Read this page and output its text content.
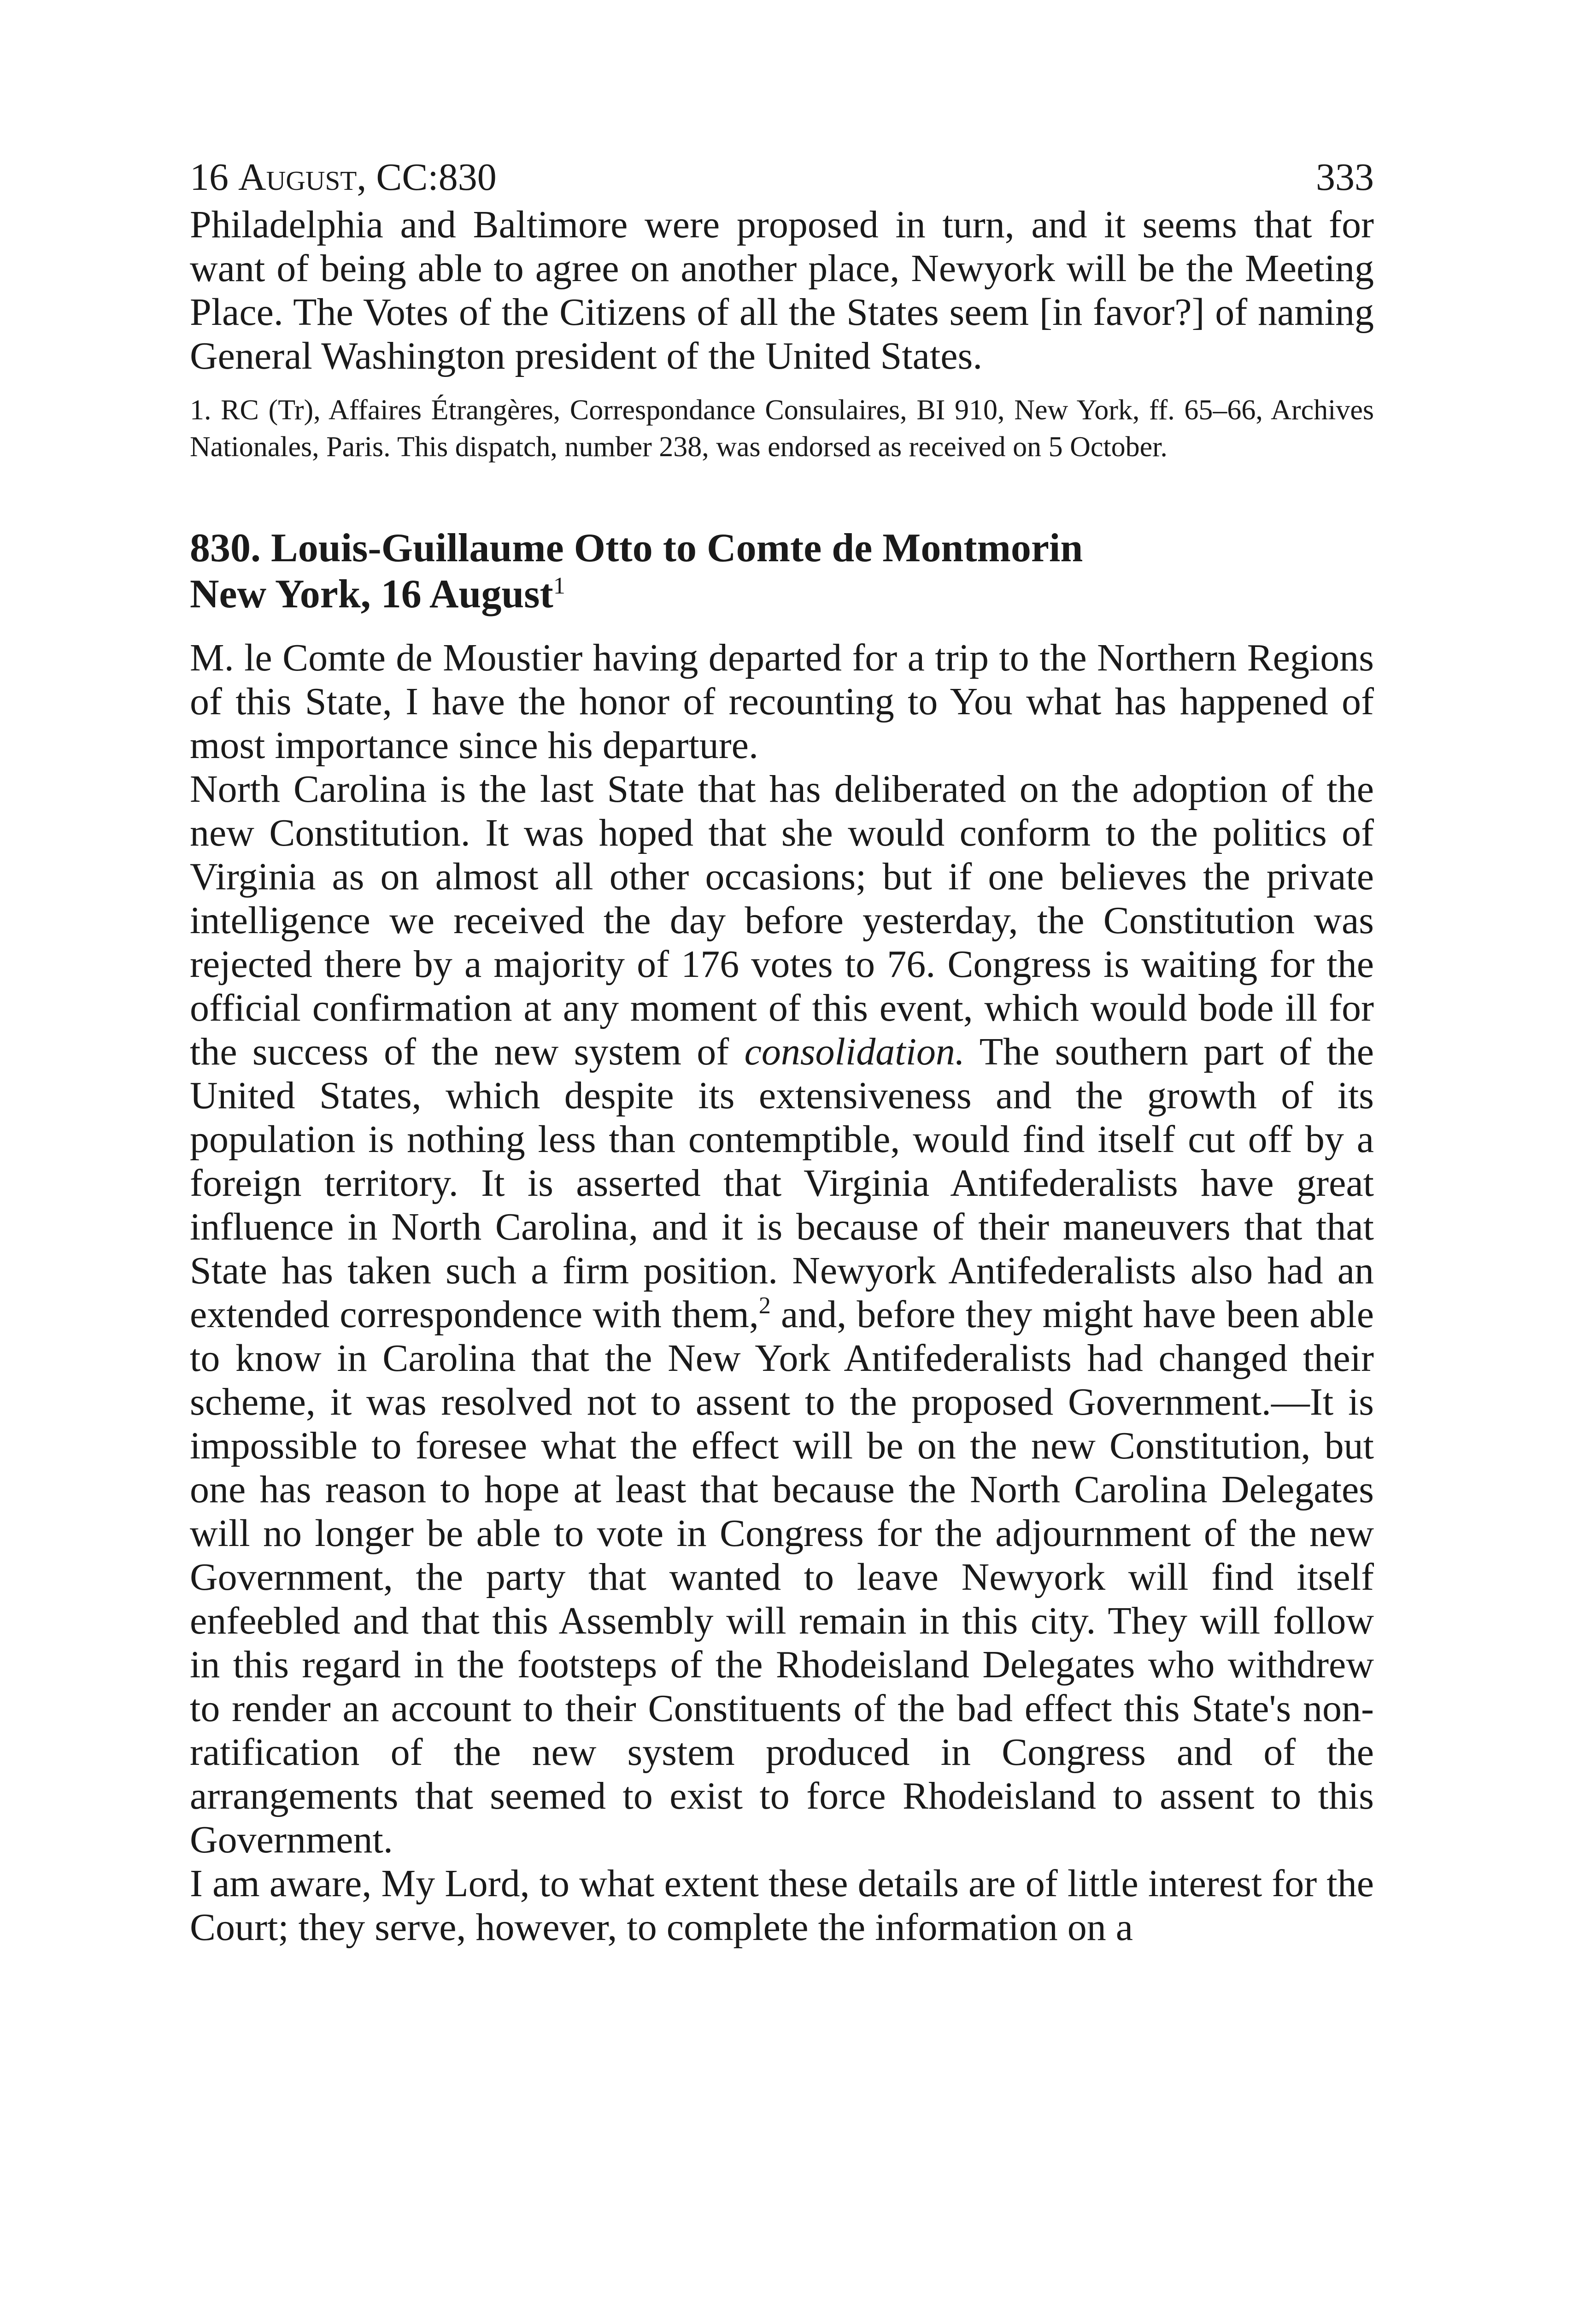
16 August, CC:830	333

Philadelphia and Baltimore were proposed in turn, and it seems that for want of being able to agree on another place, Newyork will be the Meeting Place. The Votes of the Citizens of all the States seem [in favor?] of naming General Washington president of the United States.

1. RC (Tr), Affaires Étrangères, Correspondance Consulaires, BI 910, New York, ff. 65–66, Archives Nationales, Paris. This dispatch, number 238, was endorsed as received on 5 October.

830. Louis-Guillaume Otto to Comte de Montmorin
New York, 16 August$^1$

M. le Comte de Moustier having departed for a trip to the Northern Regions of this State, I have the honor of recounting to You what has happened of most importance since his departure.

North Carolina is the last State that has deliberated on the adoption of the new Constitution. It was hoped that she would conform to the politics of Virginia as on almost all other occasions; but if one believes the private intelligence we received the day before yesterday, the Constitution was rejected there by a majority of 176 votes to 76. Congress is waiting for the official confirmation at any moment of this event, which would bode ill for the success of the new system of consolidation. The southern part of the United States, which despite its extensiveness and the growth of its population is nothing less than contemptible, would find itself cut off by a foreign territory. It is asserted that Virginia Antifederalists have great influence in North Carolina, and it is because of their maneuvers that that State has taken such a firm position. Newyork Antifederalists also had an extended correspondence with them,$^2$ and, before they might have been able to know in Carolina that the New York Antifederalists had changed their scheme, it was resolved not to assent to the proposed Government.—It is impossible to foresee what the effect will be on the new Constitution, but one has reason to hope at least that because the North Carolina Delegates will no longer be able to vote in Congress for the adjournment of the new Government, the party that wanted to leave Newyork will find itself enfeebled and that this Assembly will remain in this city. They will follow in this regard in the footsteps of the Rhodeisland Delegates who withdrew to render an account to their Constituents of the bad effect this State's non-ratification of the new system produced in Congress and of the arrangements that seemed to exist to force Rhodeisland to assent to this Government.

I am aware, My Lord, to what extent these details are of little interest for the Court; they serve, however, to complete the information on a
